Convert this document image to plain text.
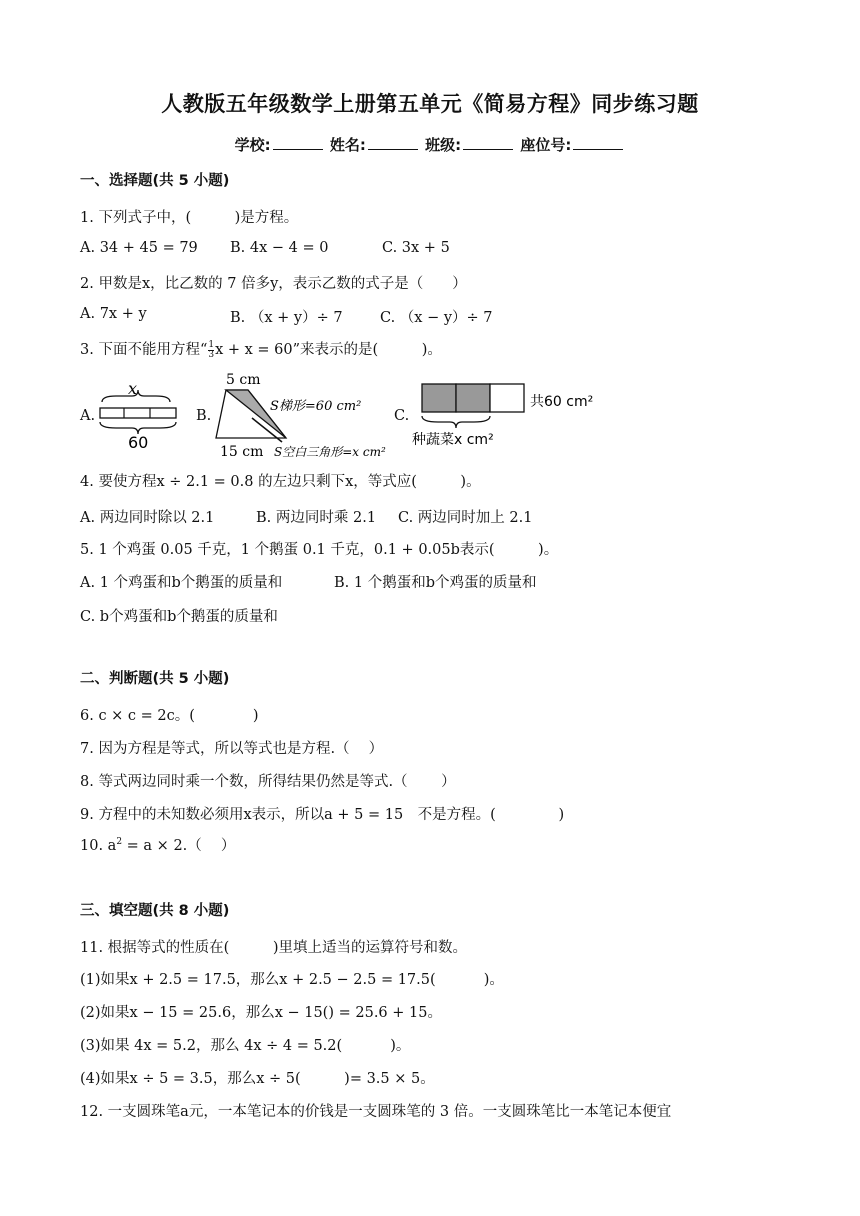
人教版五年级数学上册第五单元《简易方程》同步练习题
学校:	姓名:	班级:	座位号:
一、选择题(共 5 小题)
1. 下列式子中，(　　　)是方程。
A. 34 + 45 = 79 B. 4x − 4 = 0	C. 3x + 5
2. 甲数是x，比乙数的 7 倍多y，表示乙数的式子是（　　）
A. 7x + y	B. （x + y）÷ 7	C. （x − y）÷ 7
3. 下面不能用方程“ $\frac{1}{3}$ x + x = 60”来表示的是(　　　)。
A.
x
60
B.
5 cm
S梯形=60 cm²
15 cm S空白三角形=x cm²
C.
共60 cm²
种蔬菜x cm²
4. 要使方程x ÷ 2.1 = 0.8 的左边只剩下x，等式应(　　　)。
A. 两边同时除以 2.1	B. 两边同时乘 2.1 C. 两边同时加上 2.1
5. 1 个鸡蛋 0.05 千克，1 个鹅蛋 0.1 千克，0.1 + 0.05b表示(　　　)。
A. 1 个鸡蛋和b个鹅蛋的质量和	B. 1 个鹅蛋和b个鸡蛋的质量和
C. b个鸡蛋和b个鹅蛋的质量和
二、判断题(共 5 小题)
6. c × c = 2c。(　　　　)
7. 因为方程是等式，所以等式也是方程.（　 ）
8. 等式两边同时乘一个数，所得结果仍然是等式.（　　 ）
9. 方程中的未知数必须用x表示，所以a + 5 = 15　不是方程。(　　　　 )
10. $a^2 = a \times 2$.（　 ）
三、填空题(共 8 小题)
11. 根据等式的性质在(　　　)里填上适当的运算符号和数。
(1)如果x + 2.5 = 17.5，那么x + 2.5 − 2.5 = 17.5(　　　 )。
(2)如果x − 15 = 25.6，那么x − 15() = 25.6 + 15。
(3)如果 4x = 5.2，那么 4x ÷ 4 = 5.2(　　　 )。
(4)如果x ÷ 5 = 3.5，那么x ÷ 5(　　　)= 3.5 × 5。
12. 一支圆珠笔a元，一本笔记本的价钱是一支圆珠笔的 3 倍。一支圆珠笔比一本笔记本便宜
